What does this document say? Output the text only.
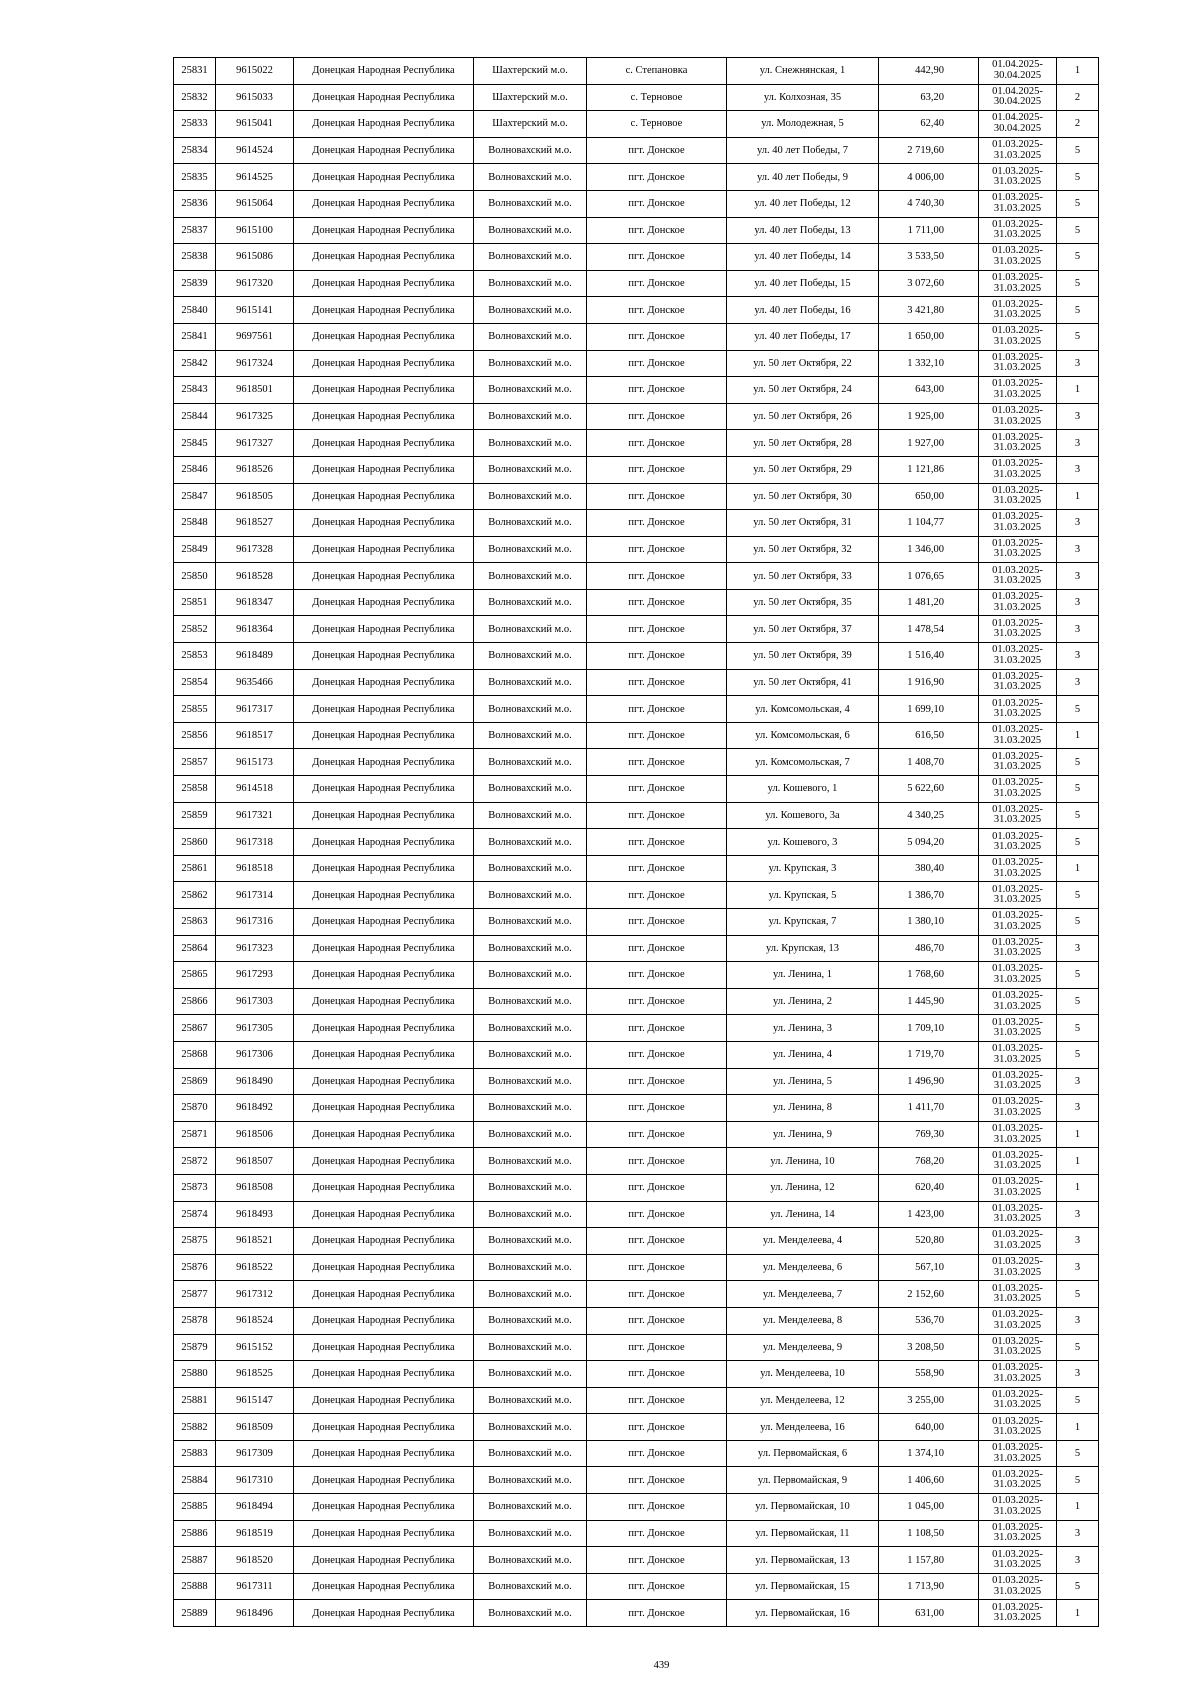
25831	9615022	Донецкая Народная Республика	Шахтерский м.о.	с. Степановка	ул. Снежнянская, 1	442,90	01.04.2025-30.04.2025	1
25832	9615033	Донецкая Народная Республика	Шахтерский м.о.	с. Терновое	ул. Колхозная, 35	63,20	01.04.2025-30.04.2025	2
25833	9615041	Донецкая Народная Республика	Шахтерский м.о.	с. Терновое	ул. Молодежная, 5	62,40	01.04.2025-30.04.2025	2
25834	9614524	Донецкая Народная Республика	Волновахский м.о.	пгт. Донское	ул. 40 лет Победы, 7	2 719,60	01.03.2025-31.03.2025	5
25835	9614525	Донецкая Народная Республика	Волновахский м.о.	пгт. Донское	ул. 40 лет Победы, 9	4 006,00	01.03.2025-31.03.2025	5
25836	9615064	Донецкая Народная Республика	Волновахский м.о.	пгт. Донское	ул. 40 лет Победы, 12	4 740,30	01.03.2025-31.03.2025	5
25837	9615100	Донецкая Народная Республика	Волновахский м.о.	пгт. Донское	ул. 40 лет Победы, 13	1 711,00	01.03.2025-31.03.2025	5
25838	9615086	Донецкая Народная Республика	Волновахский м.о.	пгт. Донское	ул. 40 лет Победы, 14	3 533,50	01.03.2025-31.03.2025	5
25839	9617320	Донецкая Народная Республика	Волновахский м.о.	пгт. Донское	ул. 40 лет Победы, 15	3 072,60	01.03.2025-31.03.2025	5
25840	9615141	Донецкая Народная Республика	Волновахский м.о.	пгт. Донское	ул. 40 лет Победы, 16	3 421,80	01.03.2025-31.03.2025	5
25841	9697561	Донецкая Народная Республика	Волновахский м.о.	пгт. Донское	ул. 40 лет Победы, 17	1 650,00	01.03.2025-31.03.2025	5
25842	9617324	Донецкая Народная Республика	Волновахский м.о.	пгт. Донское	ул. 50 лет Октября, 22	1 332,10	01.03.2025-31.03.2025	3
25843	9618501	Донецкая Народная Республика	Волновахский м.о.	пгт. Донское	ул. 50 лет Октября, 24	643,00	01.03.2025-31.03.2025	1
25844	9617325	Донецкая Народная Республика	Волновахский м.о.	пгт. Донское	ул. 50 лет Октября, 26	1 925,00	01.03.2025-31.03.2025	3
25845	9617327	Донецкая Народная Республика	Волновахский м.о.	пгт. Донское	ул. 50 лет Октября, 28	1 927,00	01.03.2025-31.03.2025	3
25846	9618526	Донецкая Народная Республика	Волновахский м.о.	пгт. Донское	ул. 50 лет Октября, 29	1 121,86	01.03.2025-31.03.2025	3
25847	9618505	Донецкая Народная Республика	Волновахский м.о.	пгт. Донское	ул. 50 лет Октября, 30	650,00	01.03.2025-31.03.2025	1
25848	9618527	Донецкая Народная Республика	Волновахский м.о.	пгт. Донское	ул. 50 лет Октября, 31	1 104,77	01.03.2025-31.03.2025	3
25849	9617328	Донецкая Народная Республика	Волновахский м.о.	пгт. Донское	ул. 50 лет Октября, 32	1 346,00	01.03.2025-31.03.2025	3
25850	9618528	Донецкая Народная Республика	Волновахский м.о.	пгт. Донское	ул. 50 лет Октября, 33	1 076,65	01.03.2025-31.03.2025	3
25851	9618347	Донецкая Народная Республика	Волновахский м.о.	пгт. Донское	ул. 50 лет Октября, 35	1 481,20	01.03.2025-31.03.2025	3
25852	9618364	Донецкая Народная Республика	Волновахский м.о.	пгт. Донское	ул. 50 лет Октября, 37	1 478,54	01.03.2025-31.03.2025	3
25853	9618489	Донецкая Народная Республика	Волновахский м.о.	пгт. Донское	ул. 50 лет Октября, 39	1 516,40	01.03.2025-31.03.2025	3
25854	9635466	Донецкая Народная Республика	Волновахский м.о.	пгт. Донское	ул. 50 лет Октября, 41	1 916,90	01.03.2025-31.03.2025	3
25855	9617317	Донецкая Народная Республика	Волновахский м.о.	пгт. Донское	ул. Комсомольская, 4	1 699,10	01.03.2025-31.03.2025	5
25856	9618517	Донецкая Народная Республика	Волновахский м.о.	пгт. Донское	ул. Комсомольская, 6	616,50	01.03.2025-31.03.2025	1
25857	9615173	Донецкая Народная Республика	Волновахский м.о.	пгт. Донское	ул. Комсомольская, 7	1 408,70	01.03.2025-31.03.2025	5
25858	9614518	Донецкая Народная Республика	Волновахский м.о.	пгт. Донское	ул. Кошевого, 1	5 622,60	01.03.2025-31.03.2025	5
25859	9617321	Донецкая Народная Республика	Волновахский м.о.	пгт. Донское	ул. Кошевого, 3а	4 340,25	01.03.2025-31.03.2025	5
25860	9617318	Донецкая Народная Республика	Волновахский м.о.	пгт. Донское	ул. Кошевого, 3	5 094,20	01.03.2025-31.03.2025	5
25861	9618518	Донецкая Народная Республика	Волновахский м.о.	пгт. Донское	ул. Крупская, 3	380,40	01.03.2025-31.03.2025	1
25862	9617314	Донецкая Народная Республика	Волновахский м.о.	пгт. Донское	ул. Крупская, 5	1 386,70	01.03.2025-31.03.2025	5
25863	9617316	Донецкая Народная Республика	Волновахский м.о.	пгт. Донское	ул. Крупская, 7	1 380,10	01.03.2025-31.03.2025	5
25864	9617323	Донецкая Народная Республика	Волновахский м.о.	пгт. Донское	ул. Крупская, 13	486,70	01.03.2025-31.03.2025	3
25865	9617293	Донецкая Народная Республика	Волновахский м.о.	пгт. Донское	ул. Ленина, 1	1 768,60	01.03.2025-31.03.2025	5
25866	9617303	Донецкая Народная Республика	Волновахский м.о.	пгт. Донское	ул. Ленина, 2	1 445,90	01.03.2025-31.03.2025	5
25867	9617305	Донецкая Народная Республика	Волновахский м.о.	пгт. Донское	ул. Ленина, 3	1 709,10	01.03.2025-31.03.2025	5
25868	9617306	Донецкая Народная Республика	Волновахский м.о.	пгт. Донское	ул. Ленина, 4	1 719,70	01.03.2025-31.03.2025	5
25869	9618490	Донецкая Народная Республика	Волновахский м.о.	пгт. Донское	ул. Ленина, 5	1 496,90	01.03.2025-31.03.2025	3
25870	9618492	Донецкая Народная Республика	Волновахский м.о.	пгт. Донское	ул. Ленина, 8	1 411,70	01.03.2025-31.03.2025	3
25871	9618506	Донецкая Народная Республика	Волновахский м.о.	пгт. Донское	ул. Ленина, 9	769,30	01.03.2025-31.03.2025	1
25872	9618507	Донецкая Народная Республика	Волновахский м.о.	пгт. Донское	ул. Ленина, 10	768,20	01.03.2025-31.03.2025	1
25873	9618508	Донецкая Народная Республика	Волновахский м.о.	пгт. Донское	ул. Ленина, 12	620,40	01.03.2025-31.03.2025	1
25874	9618493	Донецкая Народная Республика	Волновахский м.о.	пгт. Донское	ул. Ленина, 14	1 423,00	01.03.2025-31.03.2025	3
25875	9618521	Донецкая Народная Республика	Волновахский м.о.	пгт. Донское	ул. Менделеева, 4	520,80	01.03.2025-31.03.2025	3
25876	9618522	Донецкая Народная Республика	Волновахский м.о.	пгт. Донское	ул. Менделеева, 6	567,10	01.03.2025-31.03.2025	3
25877	9617312	Донецкая Народная Республика	Волновахский м.о.	пгт. Донское	ул. Менделеева, 7	2 152,60	01.03.2025-31.03.2025	5
25878	9618524	Донецкая Народная Республика	Волновахский м.о.	пгт. Донское	ул. Менделеева, 8	536,70	01.03.2025-31.03.2025	3
25879	9615152	Донецкая Народная Республика	Волновахский м.о.	пгт. Донское	ул. Менделеева, 9	3 208,50	01.03.2025-31.03.2025	5
25880	9618525	Донецкая Народная Республика	Волновахский м.о.	пгт. Донское	ул. Менделеева, 10	558,90	01.03.2025-31.03.2025	3
25881	9615147	Донецкая Народная Республика	Волновахский м.о.	пгт. Донское	ул. Менделеева, 12	3 255,00	01.03.2025-31.03.2025	5
25882	9618509	Донецкая Народная Республика	Волновахский м.о.	пгт. Донское	ул. Менделеева, 16	640,00	01.03.2025-31.03.2025	1
25883	9617309	Донецкая Народная Республика	Волновахский м.о.	пгт. Донское	ул. Первомайская, 6	1 374,10	01.03.2025-31.03.2025	5
25884	9617310	Донецкая Народная Республика	Волновахский м.о.	пгт. Донское	ул. Первомайская, 9	1 406,60	01.03.2025-31.03.2025	5
25885	9618494	Донецкая Народная Республика	Волновахский м.о.	пгт. Донское	ул. Первомайская, 10	1 045,00	01.03.2025-31.03.2025	1
25886	9618519	Донецкая Народная Республика	Волновахский м.о.	пгт. Донское	ул. Первомайская, 11	1 108,50	01.03.2025-31.03.2025	3
25887	9618520	Донецкая Народная Республика	Волновахский м.о.	пгт. Донское	ул. Первомайская, 13	1 157,80	01.03.2025-31.03.2025	3
25888	9617311	Донецкая Народная Республика	Волновахский м.о.	пгт. Донское	ул. Первомайская, 15	1 713,90	01.03.2025-31.03.2025	5
25889	9618496	Донецкая Народная Республика	Волновахский м.о.	пгт. Донское	ул. Первомайская, 16	631,00	01.03.2025-31.03.2025	1
439
